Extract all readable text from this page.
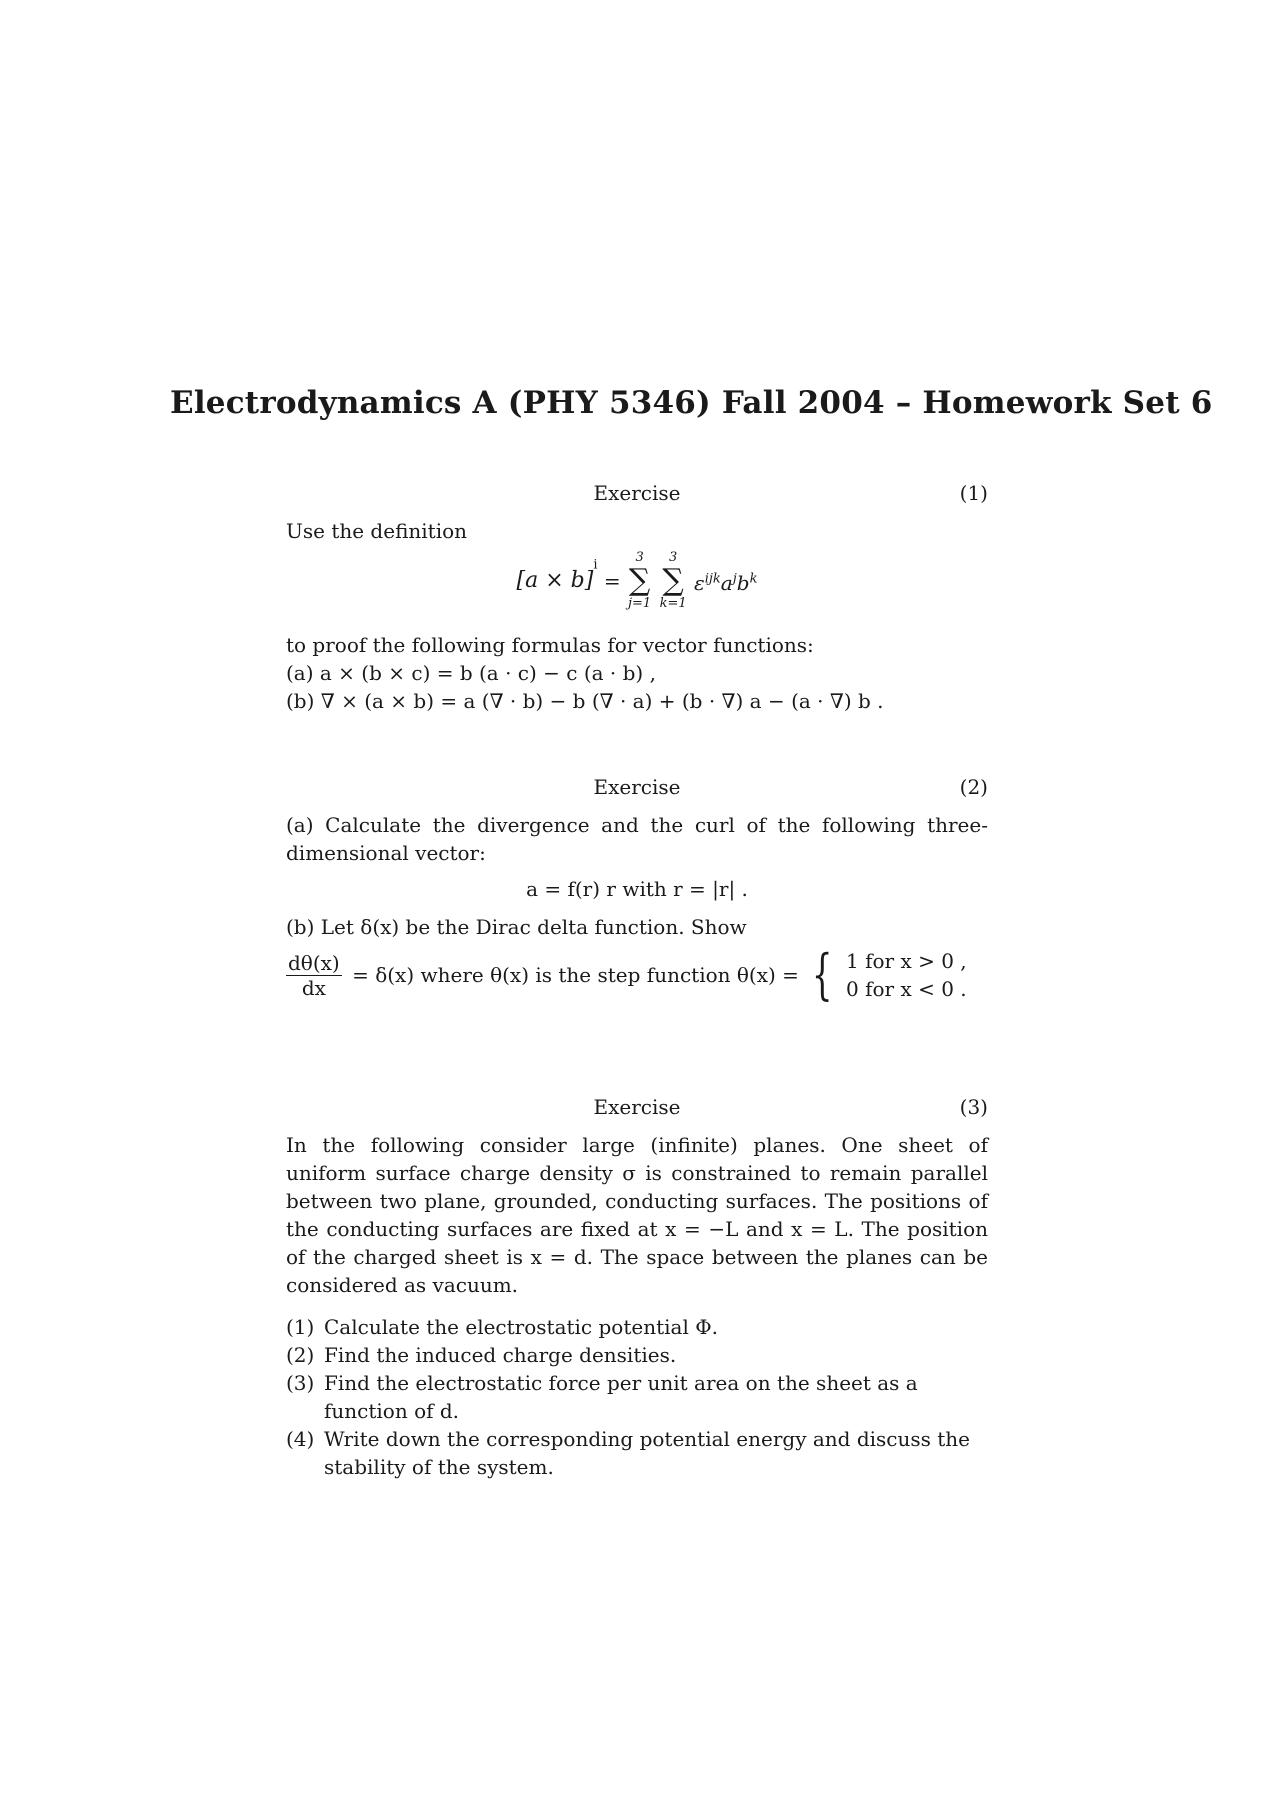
Electrodynamics A (PHY 5346) Fall 2004 – Homework Set 6
Exercise	(1)

Use the definition

$[a \times b]^i$ =
3
∑
j=1

3
∑
k=1
$\varepsilon^{ijk}a^jb^k$

to proof the following formulas for vector functions:

(a) a × (b × c) = b (a · c) − c (a · b) ,

(b) ∇ × (a × b) = a (∇ · b) − b (∇ · a) + (b · ∇) a − (a · ∇) b .

Exercise	(2)

(a) Calculate the divergence and the curl of the following three-dimensional vector:

a = f(r) r with r = |r| .

(b) Let δ(x) be the Dirac delta function. Show

$\frac{d\theta(x)}{dx} = \delta(x)$ where θ(x) is the step function θ(x) = { 1 for x > 0 ,
0 for x < 0 .
Exercise	(3)

In the following consider large (infinite) planes. One sheet of uniform surface charge density σ is constrained to remain parallel between two plane, grounded, conducting surfaces. The positions of the conducting surfaces are fixed at x = −L and x = L. The position of the charged sheet is x = d. The space between the planes can be considered as vacuum.

(1) Calculate the electrostatic potential Φ.
(2) Find the induced charge densities.
(3) Find the electrostatic force per unit area on the sheet as a function of d.
(4) Write down the corresponding potential energy and discuss the stability of the system.
